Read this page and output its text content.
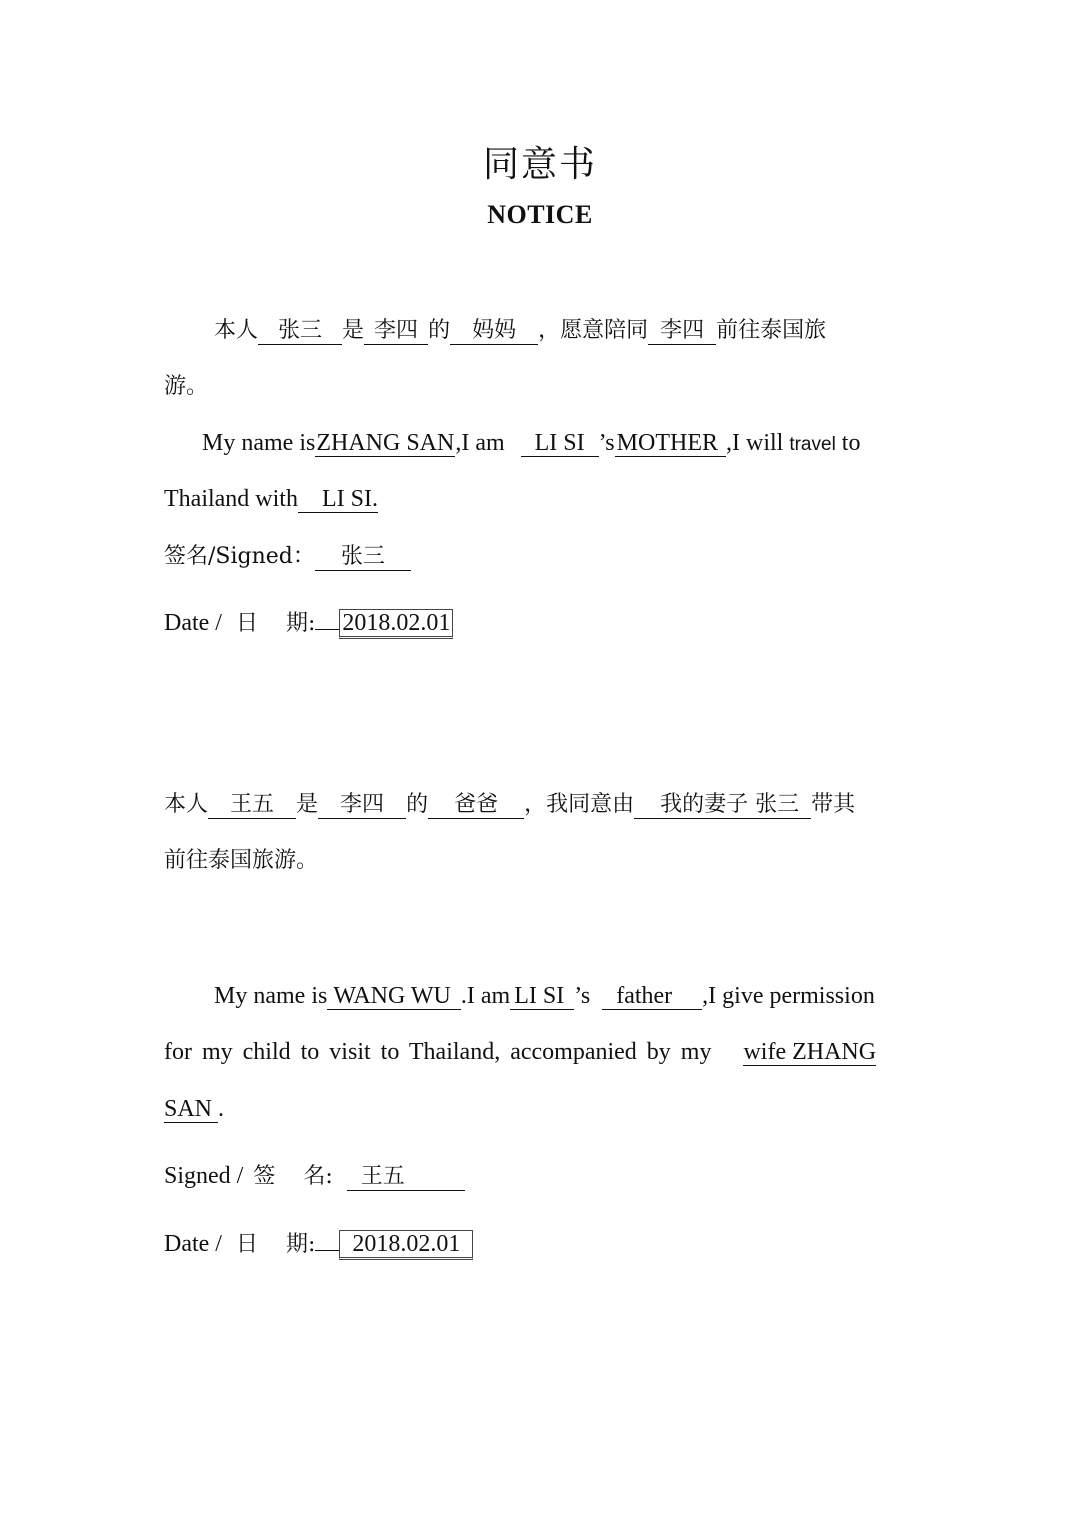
同意书
NOTICE
本人 张三 是 李四 的 妈妈 ，愿意陪同 李四 前往泰国旅
游。
My name isZHANG SAN,I am LI SI ’sMOTHER ,I will travel to
Thailand with LI SI.
签名/Signed： 张三
Date / 日 期: 2018.02.01
本人 王五 是 李四 的 爸爸 ，我同意由 我的妻子 张三 带其
前往泰国旅游。
My name is WANG WU .I am LI SI ’s father ,I give permission
for my child to visit to Thailand, accompanied by my wife ZHANG
SAN .
Signed / 签 名: 王五
Date / 日 期: 2018.02.01
